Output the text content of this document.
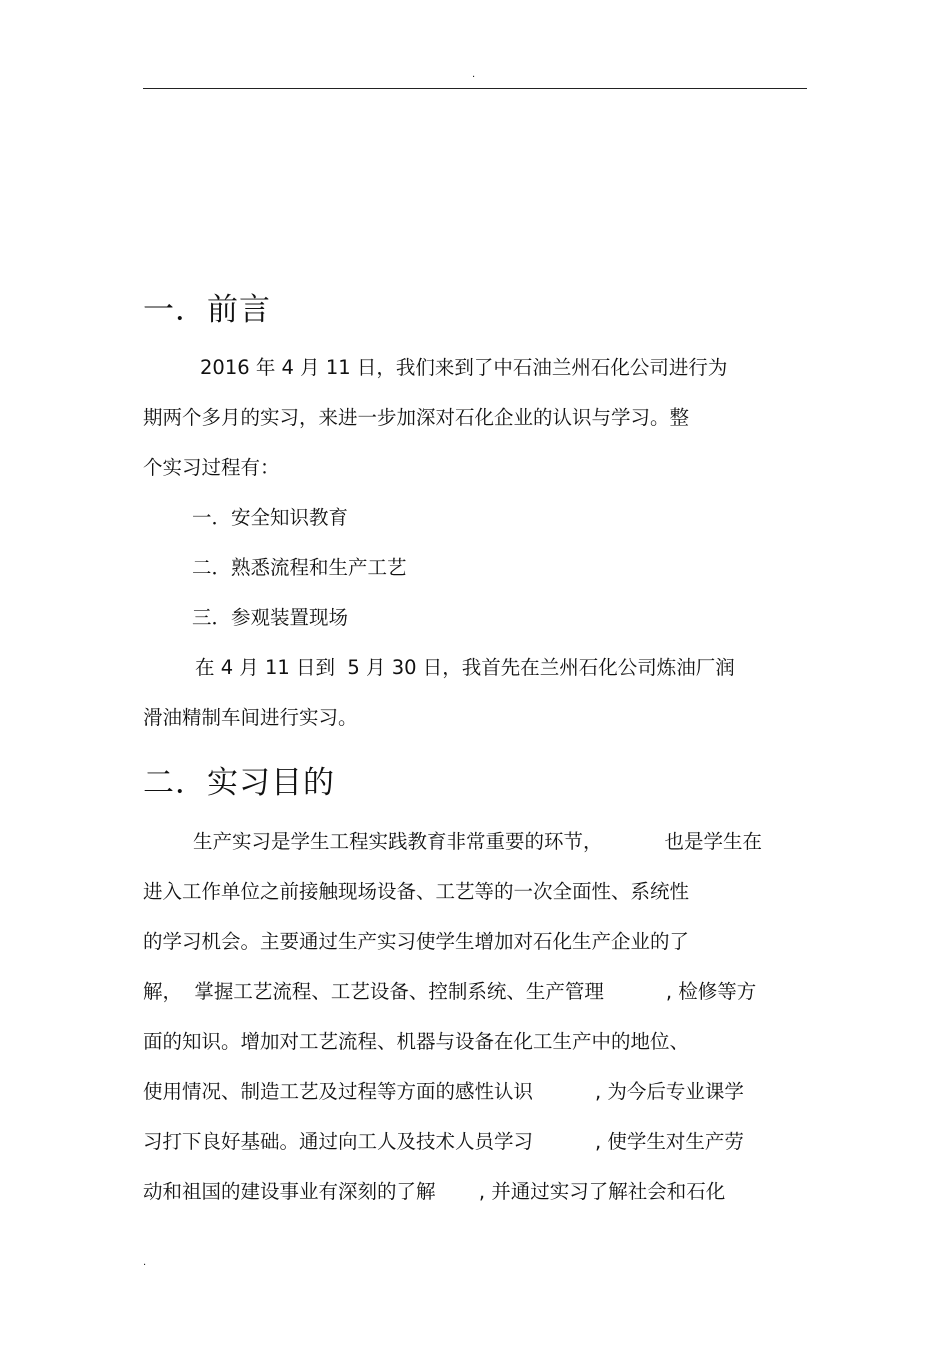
.
一．前言
2016 年 4 月 11 日，我们来到了中石油兰州石化公司进行为
期两个多月的实习，来进一步加深对石化企业的认识与学习。整
个实习过程有：
一．安全知识教育
二．熟悉流程和生产工艺
三．参观装置现场
在 4 月 11 日到  5 月 30 日，我首先在兰州石化公司炼油厂润
滑油精制车间进行实习。
二．实习目的
生产实习是学生工程实践教育非常重要的环节，          也是学生在
进入工作单位之前接触现场设备、工艺等的一次全面性、系统性
的学习机会。主要通过生产实习使学生增加对石化生产企业的了
解，  掌握工艺流程、工艺设备、控制系统、生产管理          , 检修等方
面的知识。增加对工艺流程、机器与设备在化工生产中的地位、
使用情况、制造工艺及过程等方面的感性认识          , 为今后专业课学
习打下良好基础。通过向工人及技术人员学习          , 使学生对生产劳
动和祖国的建设事业有深刻的了解       , 并通过实习了解社会和石化
.
